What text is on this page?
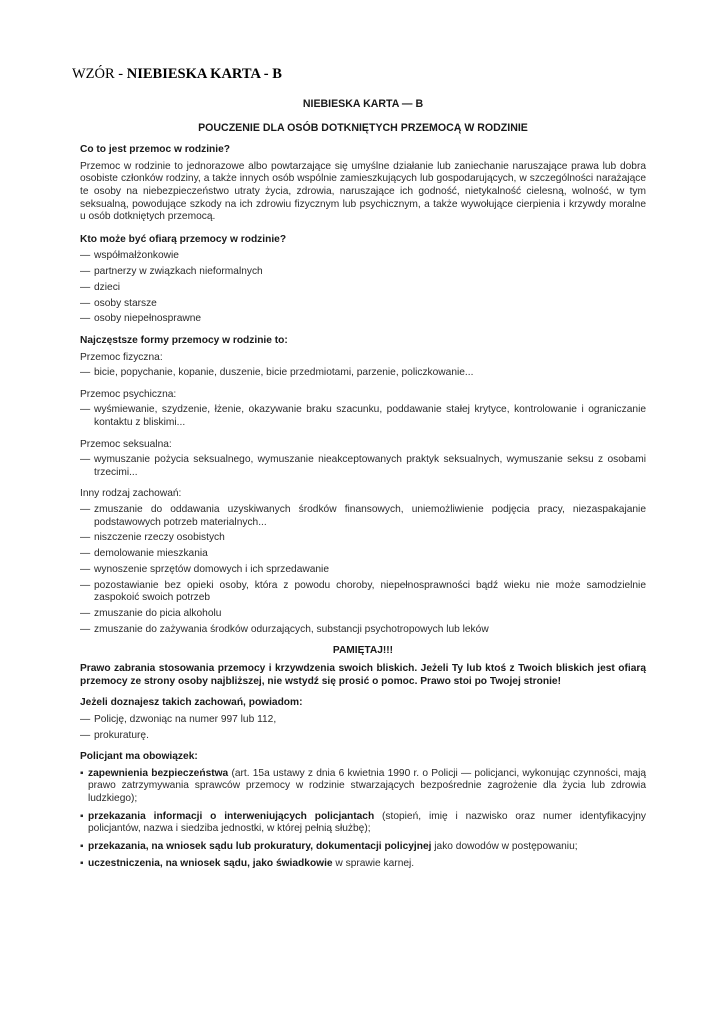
WZÓR - NIEBIESKA KARTA - B

NIEBIESKA KARTA — B

POUCZENIE DLA OSÓB DOTKNIĘTYCH PRZEMOCĄ W RODZINIE

Co to jest przemoc w rodzinie?

Przemoc w rodzinie to jednorazowe albo powtarzające się umyślne działanie lub zaniechanie naruszające prawa lub dobra osobiste członków rodziny, a także innych osób wspólnie zamieszkujących lub gospodarujących, w szczególności narażające te osoby na niebezpieczeństwo utraty życia, zdrowia, naruszające ich godność, nietykalność cielesną, wolność, w tym seksualną, powodujące szkody na ich zdrowiu fizycznym lub psychicznym, a także wywołujące cierpienia i krzywdy moralne u osób dotkniętych przemocą.

Kto może być ofiarą przemocy w rodzinie?

— współmałżonkowie
— partnerzy w związkach nieformalnych
— dzieci
— osoby starsze
— osoby niepełnosprawne

Najczęstsze formy przemocy w rodzinie to:

Przemoc fizyczna:

— bicie, popychanie, kopanie, duszenie, bicie przedmiotami, parzenie, policzkowanie...

Przemoc psychiczna:

— wyśmiewanie, szydzenie, łżenie, okazywanie braku szacunku, poddawanie stałej krytyce, kontrolowanie i ograniczanie kontaktu z bliskimi...

Przemoc seksualna:

— wymuszanie pożycia seksualnego, wymuszanie nieakceptowanych praktyk seksualnych, wymuszanie seksu z osobami trzecimi...

Inny rodzaj zachowań:

— zmuszanie do oddawania uzyskiwanych środków finansowych, uniemożliwienie podjęcia pracy, niezaspakajanie podstawowych potrzeb materialnych...
— niszczenie rzeczy osobistych
— demolowanie mieszkania
— wynoszenie sprzętów domowych i ich sprzedawanie
— pozostawianie bez opieki osoby, która z powodu choroby, niepełnosprawności bądź wieku nie może samodzielnie zaspokoić swoich potrzeb
— zmuszanie do picia alkoholu
— zmuszanie do zażywania środków odurzających, substancji psychotropowych lub leków

PAMIĘTAJ!!!

Prawo zabrania stosowania przemocy i krzywdzenia swoich bliskich. Jeżeli Ty lub ktoś z Twoich bliskich jest ofiarą przemocy ze strony osoby najbliższej, nie wstydź się prosić o pomoc. Prawo stoi po Twojej stronie!

Jeżeli doznajesz takich zachowań, powiadom:

— Policję, dzwoniąc na numer 997 lub 112,
— prokuraturę.

Policjant ma obowiązek:

▪ zapewnienia bezpieczeństwa (art. 15a ustawy z dnia 6 kwietnia 1990 r. o Policji — policjanci, wykonując czynności, mają prawo zatrzymywania sprawców przemocy w rodzinie stwarzających bezpośrednie zagrożenie dla życia lub zdrowia ludzkiego);
▪ przekazania informacji o interweniujących policjantach (stopień, imię i nazwisko oraz numer identyfikacyjny policjantów, nazwa i siedziba jednostki, w której pełnią służbę);
▪ przekazania, na wniosek sądu lub prokuratury, dokumentacji policyjnej jako dowodów w postępowaniu;
▪ uczestniczenia, na wniosek sądu, jako świadkowie w sprawie karnej.
